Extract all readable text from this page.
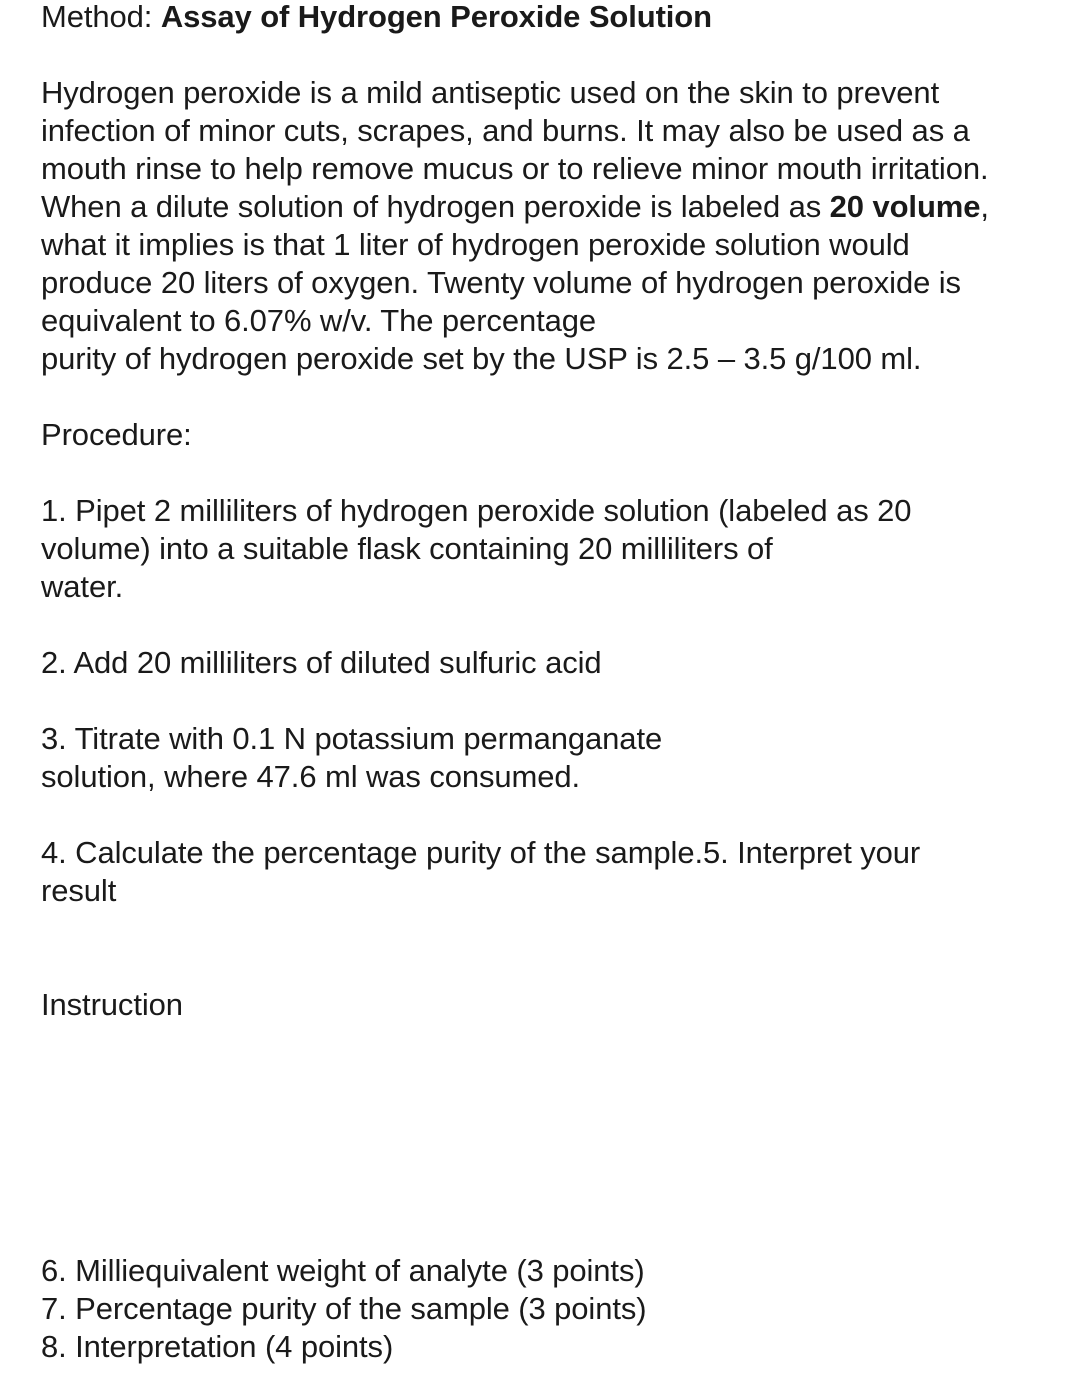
Method: Assay of Hydrogen Peroxide Solution
Hydrogen peroxide is a mild antiseptic used on the skin to prevent
infection of minor cuts, scrapes, and burns. It may also be used as a
mouth rinse to help remove mucus or to relieve minor mouth irritation.
When a dilute solution of hydrogen peroxide is labeled as 20 volume,
what it implies is that 1 liter of hydrogen peroxide solution would
produce 20 liters of oxygen. Twenty volume of hydrogen peroxide is
equivalent to 6.07% w/v. The percentage
purity of hydrogen peroxide set by the USP is 2.5 – 3.5 g/100 ml.
Procedure:
1. Pipet 2 milliliters of hydrogen peroxide solution (labeled as 20
volume) into a suitable flask containing 20 milliliters of
water.
2. Add 20 milliliters of diluted sulfuric acid
3. Titrate with 0.1 N potassium permanganate
solution, where 47.6 ml was consumed.
4. Calculate the percentage purity of the sample.5. Interpret your
result
Instruction
6. Milliequivalent weight of analyte (3 points)
7. Percentage purity of the sample (3 points)
8. Interpretation (4 points)
